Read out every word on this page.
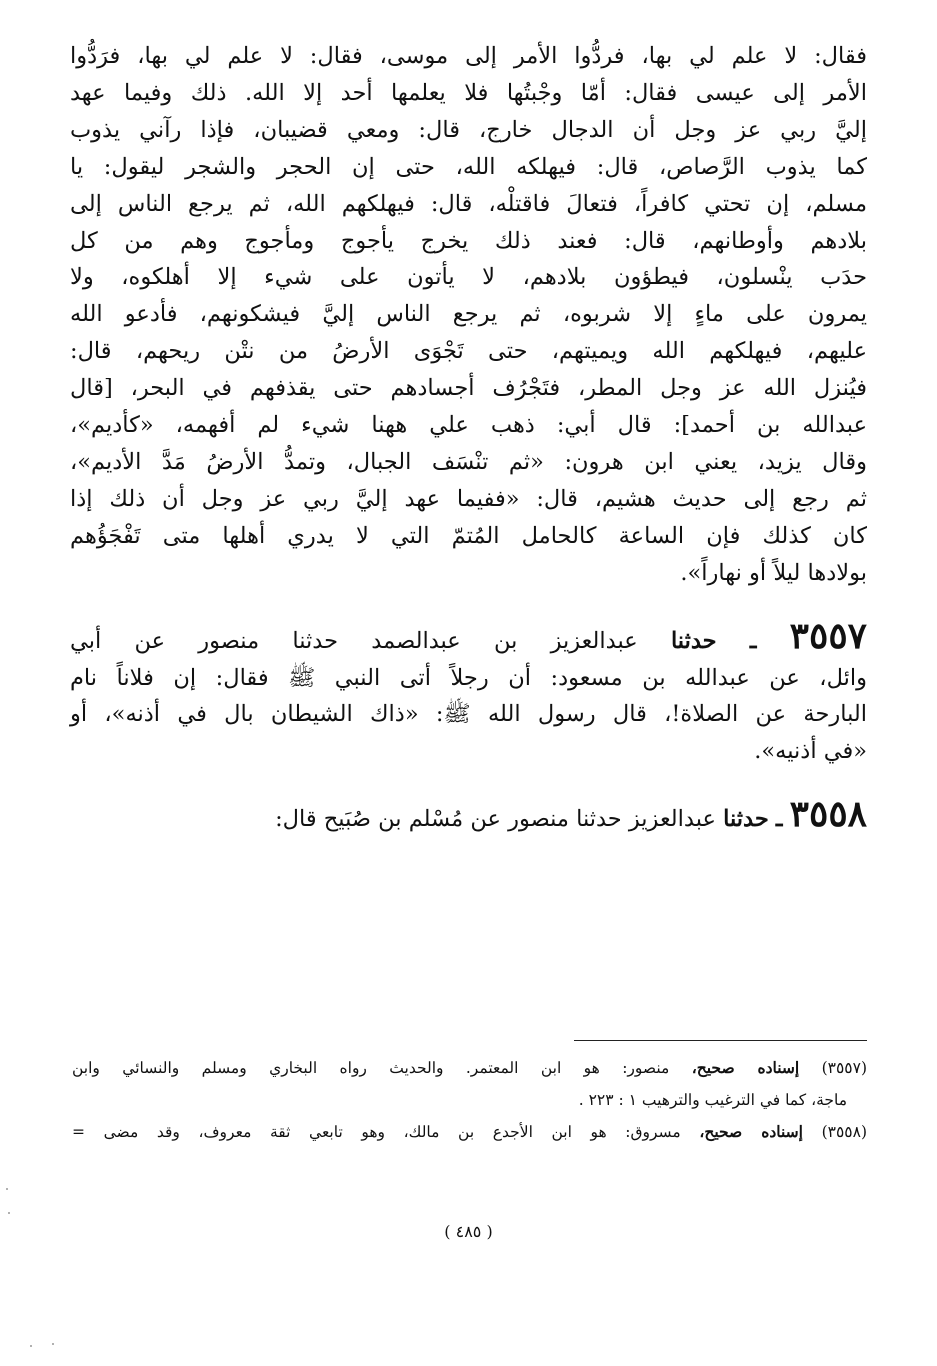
فقال: لا علم لي بها، فردُّوا الأمر إلى موسى، فقال: لا علم لي بها، فرَدُّوا
الأمر إلى عيسى فقال: أمّا وجْبتُها فلا يعلمها أحد إلا الله. ذلك وفيما عهد
إليَّ ربي عز وجل أن الدجال خارج، قال: ومعي قضيبان، فإذا رآني يذوب
كما يذوب الرَّصاص، قال: فيهلكه الله، حتى إن الحجر والشجر ليقول: يا
مسلم، إن تحتي كافراً، فتعالَ فاقتلْه، قال: فيهلكهم الله، ثم يرجع الناس إلى
بلادهم وأوطانهم، قال: فعند ذلك يخرج يأجوج ومأجوج وهم من كل
حدَب ينْسلون، فيطؤون بلادهم، لا يأتون على شيء إلا أهلكوه، ولا
يمرون على ماءٍ إلا شربوه، ثم يرجع الناس إليَّ فيشكونهم، فأدعو الله
عليهم، فيهلكهم الله ويميتهم، حتى تَجْوَى الأرضُ من نتْن ريحهم، قال:
فيُنزل الله عز وجل المطر، فتَجْرُف أجسادهم حتى يقذفهم في البحر، [قال
عبدالله بن أحمد]: قال أبي: ذهب علي ههنا شيء لم أفهمه، «كأديم»،
وقال يزيد، يعني ابن هرون: «ثم تنْسَف الجبال، وتمدُّ الأرضُ مَدَّ الأديم»،
ثم رجع إلى حديث هشيم، قال: «ففيما عهد إليَّ ربي عز وجل أن ذلك إذا
كان كذلك فإن الساعة كالحامل المُتمّ التي لا يدري أهلها متى تَفْجَؤُهم
بولادها ليلاً أو نهاراً».
٣٥٥٧ ـ حدثنا عبدالعزيز بن عبدالصمد حدثنا منصور عن أبي
وائل، عن عبدالله بن مسعود: أن رجلاً أتى النبي ﷺ فقال: إن فلاناً نام
البارحة عن الصلاة!، قال رسول الله ﷺ: «ذاك الشيطان بال في أذنه»، أو
«في أذنيه».
٣٥٥٨ ـ حدثنا عبدالعزيز حدثنا منصور عن مُسْلم بن صُبَيح قال:
(٣٥٥٧) إسناده صحيح، منصور: هو ابن المعتمر. والحديث رواه البخاري ومسلم والنسائي وابن
ماجة، كما في الترغيب والترهيب ١ : ٢٢٣ .
(٣٥٥٨) إسناده صحيح، مسروق: هو ابن الأجدع بن مالك، وهو تابعي ثقة معروف، وقد مضى =
( ٤٨٥ )
